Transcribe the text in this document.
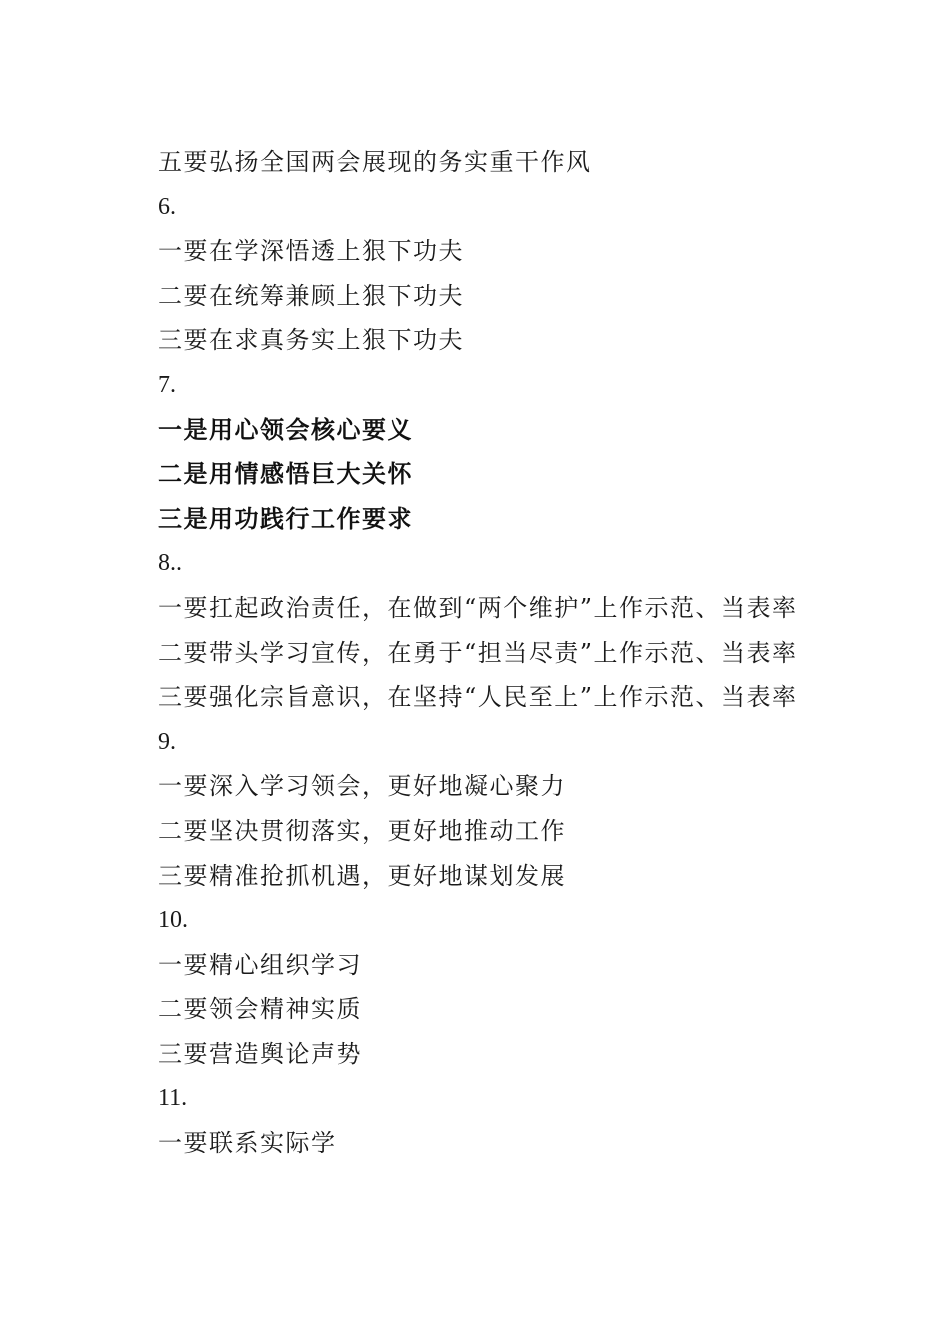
五要弘扬全国两会展现的务实重干作风
6.
一要在学深悟透上狠下功夫
二要在统筹兼顾上狠下功夫
三要在求真务实上狠下功夫
7.
一是用心领会核心要义
二是用情感悟巨大关怀
三是用功践行工作要求
8..
一要扛起政治责任，在做到“两个维护”上作示范、当表率
二要带头学习宣传，在勇于“担当尽责”上作示范、当表率
三要强化宗旨意识，在坚持“人民至上”上作示范、当表率
9.
一要深入学习领会，更好地凝心聚力
二要坚决贯彻落实，更好地推动工作
三要精准抢抓机遇，更好地谋划发展
10.
一要精心组织学习
二要领会精神实质
三要营造舆论声势
11.
一要联系实际学
